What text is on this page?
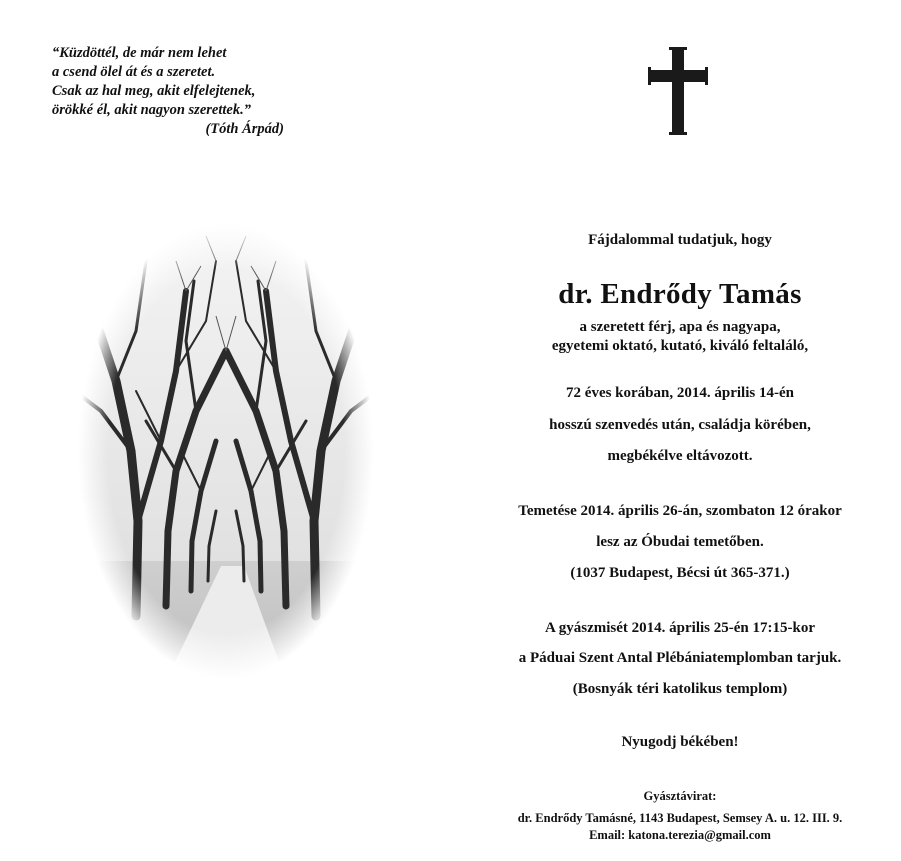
“Küzdöttél, de már nem lehet
a csend ölel át és a szeretet.
Csak az hal meg, akit elfelejtenek,
örökké él, akit nagyon szerettek.”
(Tóth Árpád)
Fájdalommal tudatjuk, hogy
dr. Endrődy Tamás
a szeretett férj, apa és nagyapa,
egyetemi oktató, kutató, kiváló feltaláló,
72 éves korában, 2014. április 14-én
hosszú szenvedés után, családja körében,
megbékélve eltávozott.
Temetése 2014. április 26-án, szombaton 12 órakor
lesz az Óbudai temetőben.
(1037 Budapest, Bécsi út 365-371.)
A gyászmisét 2014. április 25-én 17:15-kor
a Páduai Szent Antal Plébániatemplomban tarjuk.
(Bosnyák téri katolikus templom)
Nyugodj békében!
Gyásztávirat:
dr. Endrődy Tamásné, 1143 Budapest, Semsey A. u. 12. III. 9.
Email: katona.terezia@gmail.com
